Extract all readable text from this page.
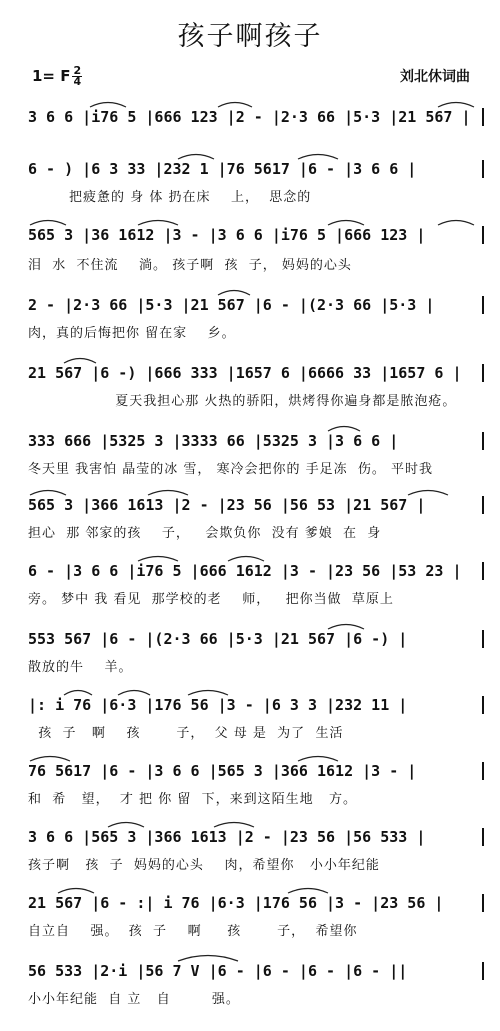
孩子啊孩子
1= F $\frac{2}{4}$	刘北休词曲
3 6 6 |i76 5 |666 123 |2 - |2·3 66 |5·3 |21 567 |
6 - ) |6 3 33 |232 1 |76 5617 |6 - |3 6 6 |
把疲惫的 身 体 扔在床    上，  思念的
565 3 |36 1612 |3 - |3 6 6 |i76 5 |666 123 |
泪  水  不住流    淌。 孩子啊  孩  子， 妈妈的心头
2 - |2·3 66 |5·3 |21 567 |6 - |(2·3 66 |5·3 |
肉，真的后悔把你 留在家    乡。
21 567 |6 -) |666 333 |1657 6 |6666 33 |1657 6 |
夏天我担心那 火热的骄阳，烘烤得你遍身都是脓泡疮。
333 666 |5325 3 |3333 66 |5325 3 |3 6 6 |
冬天里 我害怕 晶莹的冰 雪， 寒冷会把你的 手足冻  伤。 平时我
565 3 |366 1613 |2 - |23 56 |56 53 |21 567 |
担心  那 邻家的孩    子，   会欺负你  没有 爹娘  在  身
6 - |3 6 6 |i76 5 |666 1612 |3 - |23 56 |53 23 |
旁。 梦中 我 看见  那学校的老    师，   把你当做  草原上
553 567 |6 - |(2·3 66 |5·3 |21 567 |6 -) |
散放的牛    羊。
|: i 76 |6·3 |176 56 |3 - |6 3 3 |232 11 |
孩  子   啊    孩       子，  父 母 是  为了  生活
76 5617 |6 - |3 6 6 |565 3 |366 1612 |3 - |
和  希   望，  才 把 你 留  下，来到这陌生地   方。
3 6 6 |565 3 |366 1613 |2 - |23 56 |56 533 |
孩子啊   孩  子  妈妈的心头    肉，希望你   小小年纪能
21 567 |6 - :| i 76 |6·3 |176 56 |3 - |23 56 |
自立自    强。  孩  子    啊     孩       子，  希望你
56 533 |2·i |56 7 V |6 - |6 - |6 - |6 - ||
小小年纪能  自 立   自        强。
